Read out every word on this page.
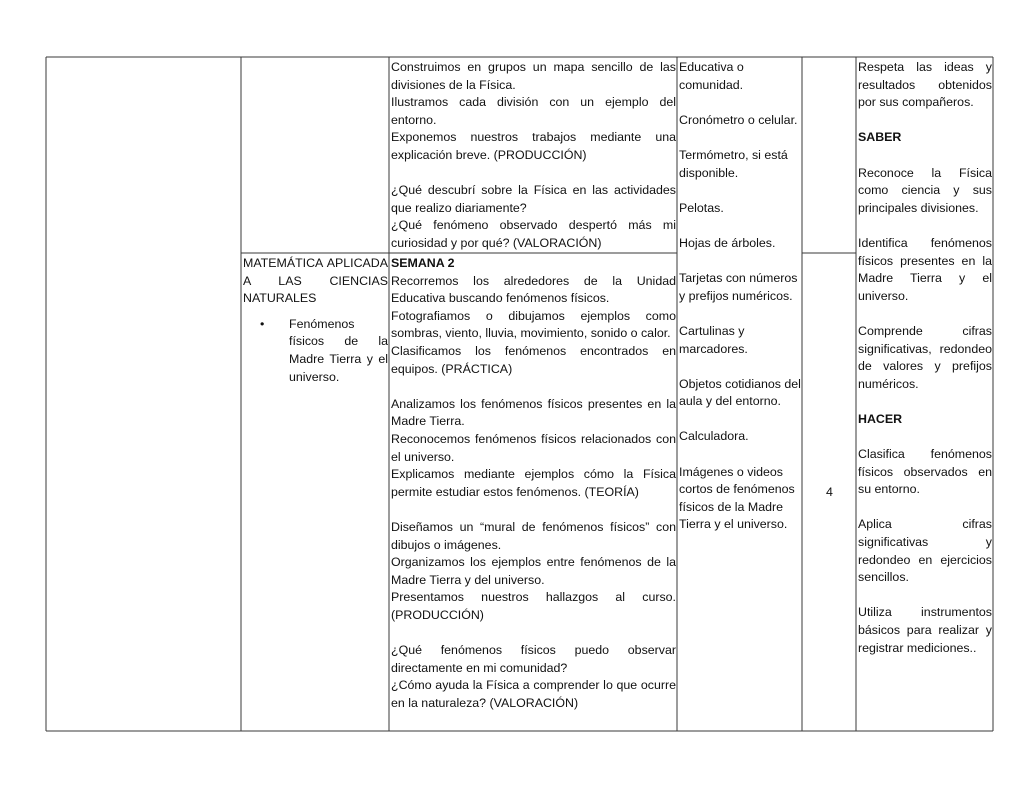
Construimos en grupos un mapa sencillo de las divisiones de la Física.

Ilustramos cada división con un ejemplo del entorno.

Exponemos nuestros trabajos mediante una explicación breve. (PRODUCCIÓN)

¿Qué descubrí sobre la Física en las actividades que realizo diariamente?

¿Qué fenómeno observado despertó más mi curiosidad y por qué? (VALORACIÓN)

MATEMÁTICA APLICADA A LAS CIENCIAS NATURALES

• Fenómenos físicos de la Madre Tierra y el universo.

SEMANA 2

Recorremos los alrededores de la Unidad Educativa buscando fenómenos físicos.

Fotografiamos o dibujamos ejemplos como sombras, viento, lluvia, movimiento, sonido o calor.

Clasificamos los fenómenos encontrados en equipos. (PRÁCTICA)

Analizamos los fenómenos físicos presentes en la Madre Tierra.

Reconocemos fenómenos físicos relacionados con el universo.

Explicamos mediante ejemplos cómo la Física permite estudiar estos fenómenos. (TEORÍA)

Diseñamos un “mural de fenómenos físicos” con dibujos o imágenes.

Organizamos los ejemplos entre fenómenos de la Madre Tierra y del universo.

Presentamos nuestros hallazgos al curso. (PRODUCCIÓN)

¿Qué fenómenos físicos puedo observar directamente en mi comunidad?

¿Cómo ayuda la Física a comprender lo que ocurre en la naturaleza? (VALORACIÓN)

Educativa o comunidad.

Cronómetro o celular.

Termómetro, si está disponible.

Pelotas.

Hojas de árboles.

Tarjetas con números y prefijos numéricos.

Cartulinas y marcadores.

Objetos cotidianos del aula y del entorno.

Calculadora.

Imágenes o videos cortos de fenómenos físicos de la Madre Tierra y el universo.

4

Respeta las ideas y resultados obtenidos por sus compañeros.

SABER

Reconoce la Física como ciencia y sus principales divisiones.

Identifica fenómenos físicos presentes en la Madre Tierra y el universo.

Comprende cifras significativas, redondeo de valores y prefijos numéricos.

HACER

Clasifica fenómenos físicos observados en su entorno.

Aplica cifras significativas y redondeo en ejercicios sencillos.

Utiliza instrumentos básicos para realizar y registrar mediciones..
